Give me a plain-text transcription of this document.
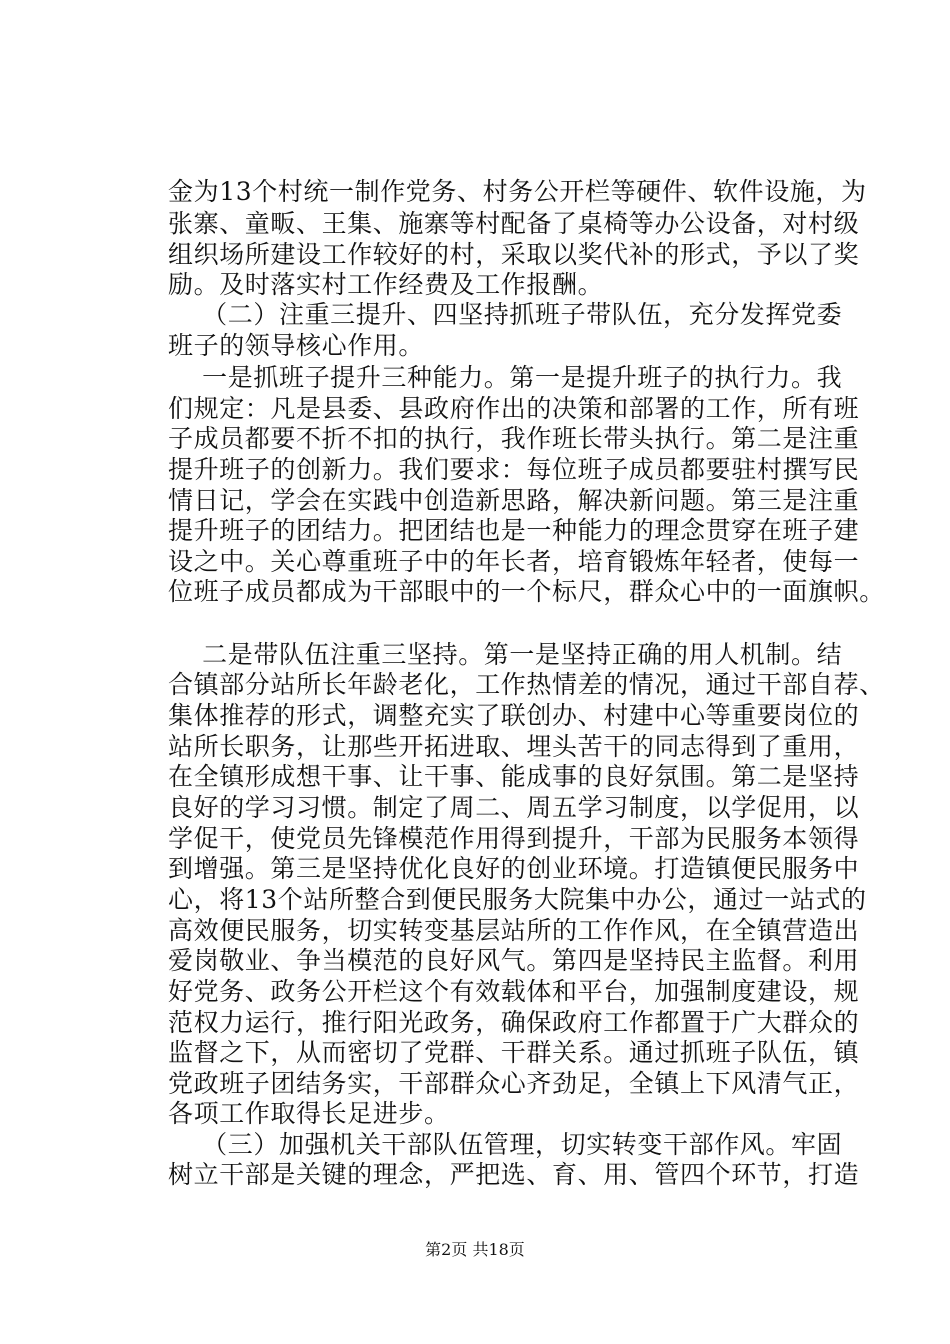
金为13个村统一制作党务、村务公开栏等硬件、软件设施，为
张寨、童畈、王集、施寨等村配备了桌椅等办公设备，对村级
组织场所建设工作较好的村，采取以奖代补的形式，予以了奖
励。及时落实村工作经费及工作报酬。
（二）注重三提升、四坚持抓班子带队伍，充分发挥党委
班子的领导核心作用。
一是抓班子提升三种能力。第一是提升班子的执行力。我
们规定：凡是县委、县政府作出的决策和部署的工作，所有班
子成员都要不折不扣的执行，我作班长带头执行。第二是注重
提升班子的创新力。我们要求：每位班子成员都要驻村撰写民
情日记，学会在实践中创造新思路，解决新问题。第三是注重
提升班子的团结力。把团结也是一种能力的理念贯穿在班子建
设之中。关心尊重班子中的年长者，培育锻炼年轻者，使每一
位班子成员都成为干部眼中的一个标尺，群众心中的一面旗帜。
二是带队伍注重三坚持。第一是坚持正确的用人机制。结
合镇部分站所长年龄老化，工作热情差的情况，通过干部自荐、
集体推荐的形式，调整充实了联创办、村建中心等重要岗位的
站所长职务，让那些开拓进取、埋头苦干的同志得到了重用，
在全镇形成想干事、让干事、能成事的良好氛围。第二是坚持
良好的学习习惯。制定了周二、周五学习制度，以学促用，以
学促干，使党员先锋模范作用得到提升，干部为民服务本领得
到增强。第三是坚持优化良好的创业环境。打造镇便民服务中
心，将13个站所整合到便民服务大院集中办公，通过一站式的
高效便民服务，切实转变基层站所的工作作风，在全镇营造出
爱岗敬业、争当模范的良好风气。第四是坚持民主监督。利用
好党务、政务公开栏这个有效载体和平台，加强制度建设，规
范权力运行，推行阳光政务，确保政府工作都置于广大群众的
监督之下，从而密切了党群、干群关系。通过抓班子队伍，镇
党政班子团结务实，干部群众心齐劲足，全镇上下风清气正，
各项工作取得长足进步。
（三）加强机关干部队伍管理，切实转变干部作风。牢固
树立干部是关键的理念，严把选、育、用、管四个环节，打造
第2页 共18页
